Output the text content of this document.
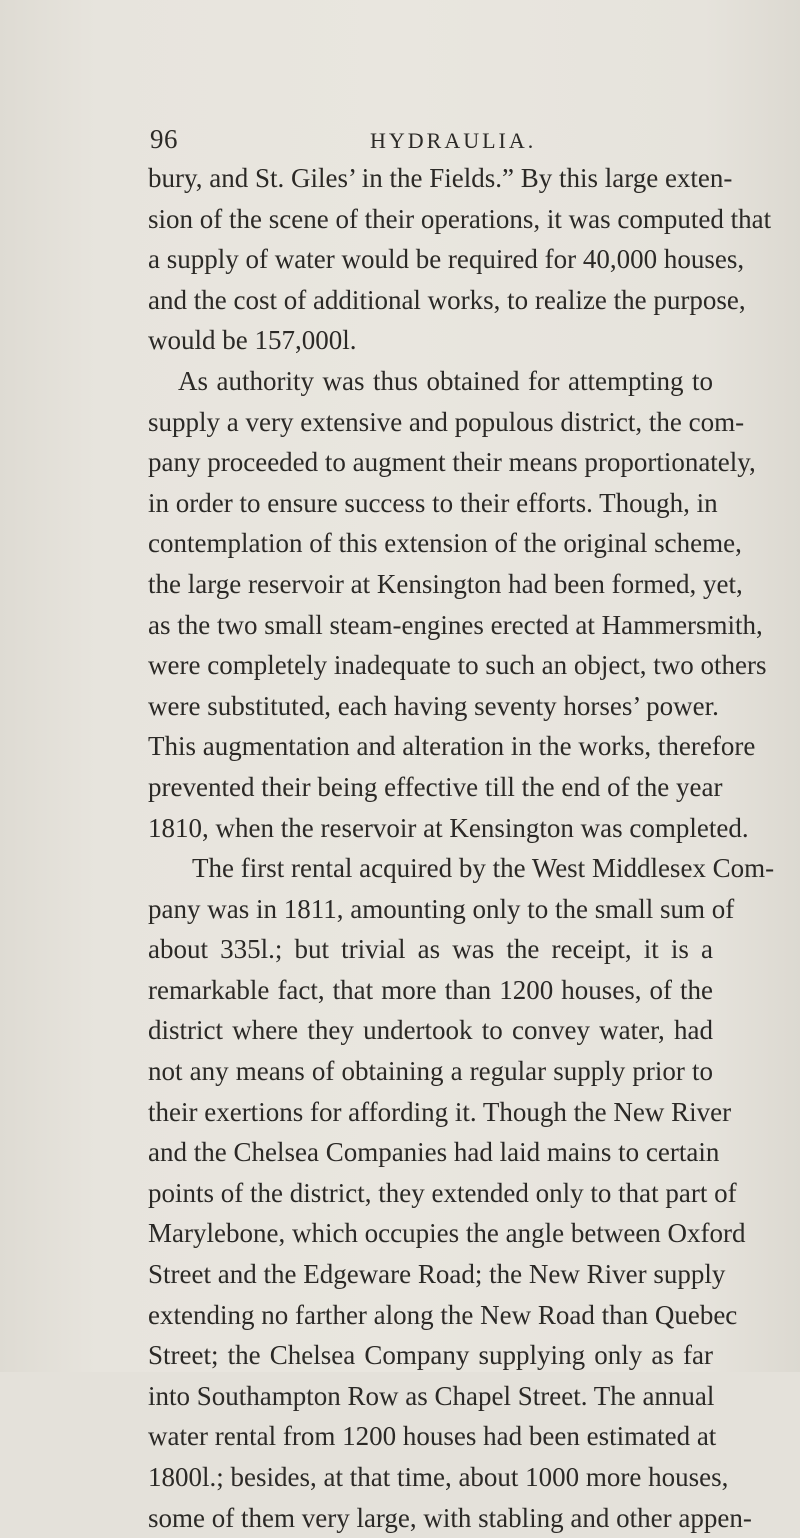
96	HYDRAULIA.
bury, and St. Giles’ in the Fields.” By this large exten-
sion of the scene of their operations, it was computed that
a supply of water would be required for 40,000 houses,
and the cost of additional works, to realize the purpose,
would be 157,000l.
As authority was thus obtained for attempting to
supply a very extensive and populous district, the com-
pany proceeded to augment their means proportionately,
in order to ensure success to their efforts. Though, in
contemplation of this extension of the original scheme,
the large reservoir at Kensington had been formed, yet,
as the two small steam-engines erected at Hammersmith,
were completely inadequate to such an object, two others
were substituted, each having seventy horses’ power.
This augmentation and alteration in the works, therefore
prevented their being effective till the end of the year
1810, when the reservoir at Kensington was completed.
The first rental acquired by the West Middlesex Com-
pany was in 1811, amounting only to the small sum of
about 335l.; but trivial as was the receipt, it is a
remarkable fact, that more than 1200 houses, of the
district where they undertook to convey water, had
not any means of obtaining a regular supply prior to
their exertions for affording it. Though the New River
and the Chelsea Companies had laid mains to certain
points of the district, they extended only to that part of
Marylebone, which occupies the angle between Oxford
Street and the Edgeware Road; the New River supply
extending no farther along the New Road than Quebec
Street; the Chelsea Company supplying only as far
into Southampton Row as Chapel Street. The annual
water rental from 1200 houses had been estimated at
1800l.; besides, at that time, about 1000 more houses,
some of them very large, with stabling and other appen-
